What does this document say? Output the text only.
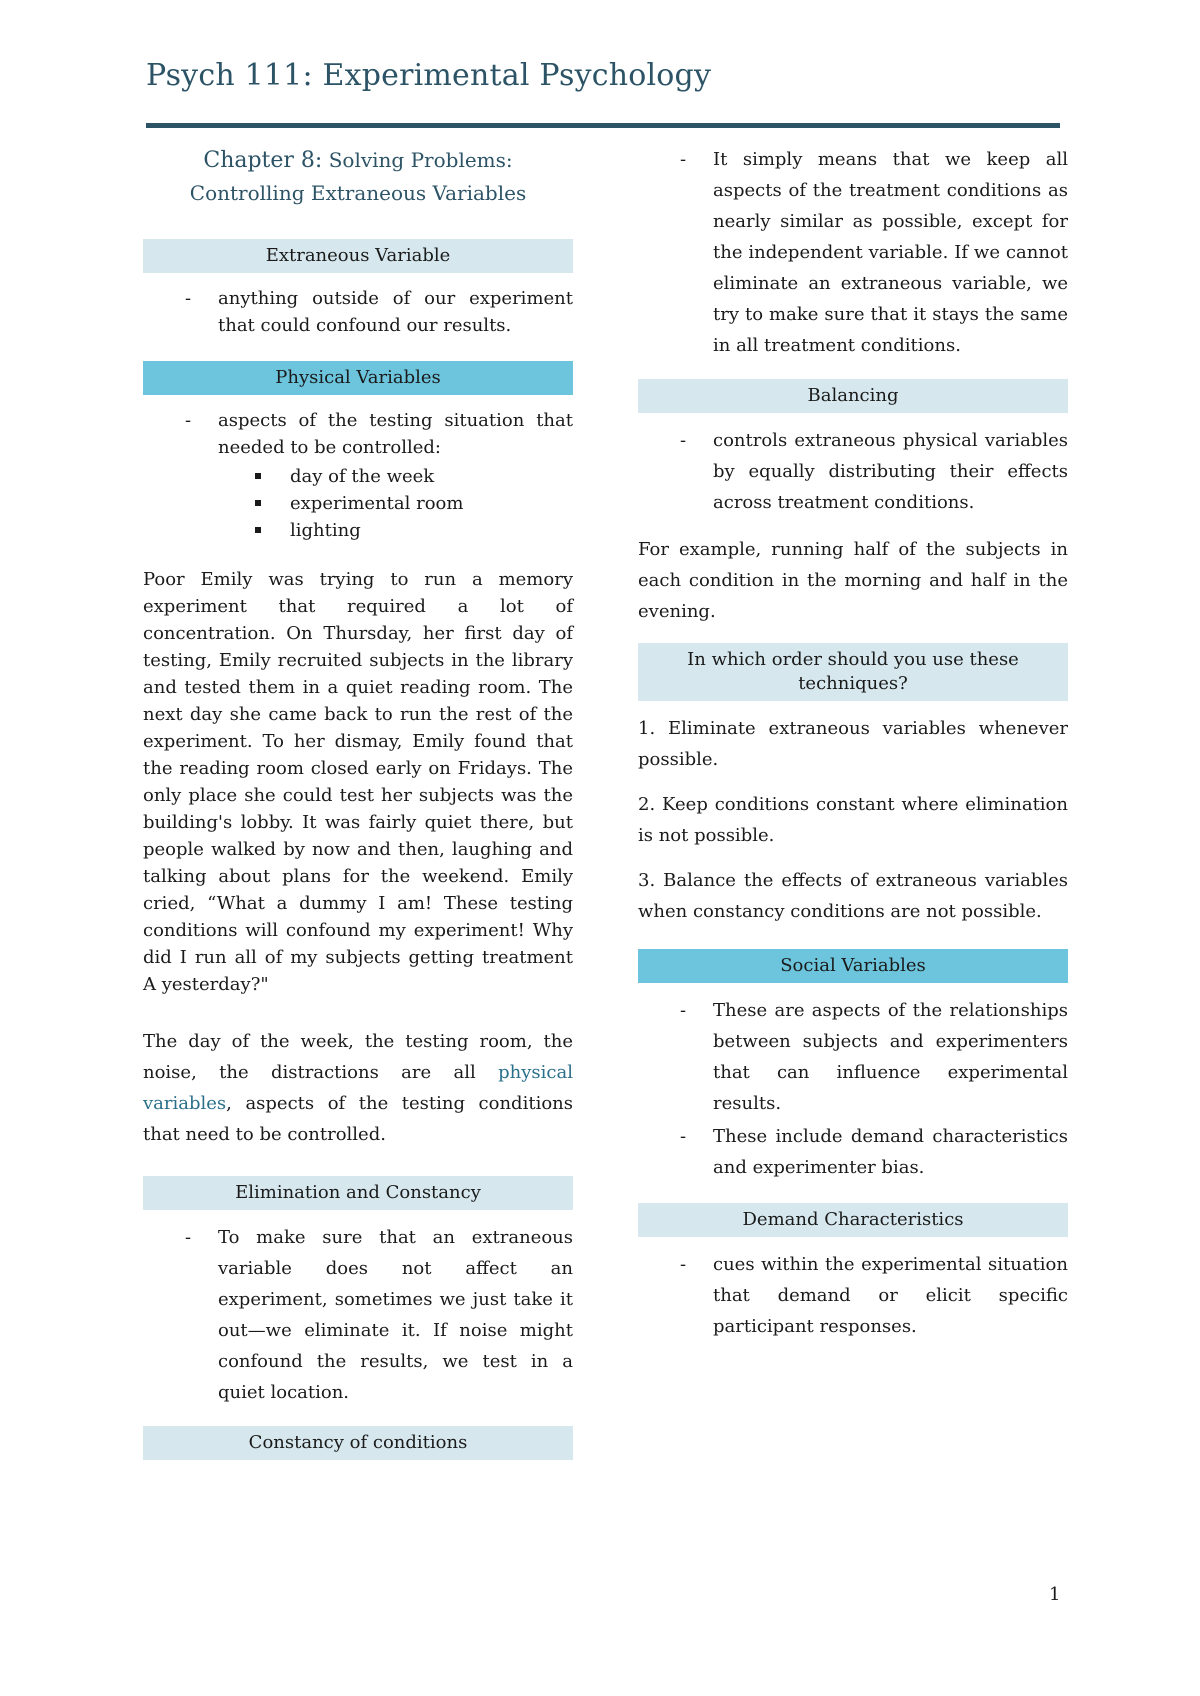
Psych 111: Experimental Psychology
Chapter 8: Solving Problems: Controlling Extraneous Variables
Extraneous Variable
- anything outside of our experiment that could confound our results.
Physical Variables
- aspects of the testing situation that needed to be controlled:
day of the week
experimental room
lighting

Poor Emily was trying to run a memory experiment that required a lot of concentration. On Thursday, her first day of testing, Emily recruited subjects in the library and tested them in a quiet reading room. The next day she came back to run the rest of the experiment. To her dismay, Emily found that the reading room closed early on Fridays. The only place she could test her subjects was the building's lobby. It was fairly quiet there, but people walked by now and then, laughing and talking about plans for the weekend. Emily cried, “What a dummy I am! These testing conditions will confound my experiment! Why did I run all of my subjects getting treatment A yesterday?"

The day of the week, the testing room, the noise, the distractions are all physical variables, aspects of the testing conditions that need to be controlled.

Elimination and Constancy
- To make sure that an extraneous variable does not affect an experiment, sometimes we just take it out—we eliminate it. If noise might confound the results, we test in a quiet location.
Constancy of conditions
- It simply means that we keep all aspects of the treatment conditions as nearly similar as possible, except for the independent variable. If we cannot eliminate an extraneous variable, we try to make sure that it stays the same in all treatment conditions.
Balancing
- controls extraneous physical variables by equally distributing their effects across treatment conditions.

For example, running half of the subjects in each condition in the morning and half in the evening.

In which order should you use these techniques?

1. Eliminate extraneous variables whenever possible.

2. Keep conditions constant where elimination is not possible.

3. Balance the effects of extraneous variables when constancy conditions are not possible.

Social Variables
- These are aspects of the relationships between subjects and experimenters that can influence experimental results.
- These include demand characteristics and experimenter bias.
Demand Characteristics
- cues within the experimental situation that demand or elicit specific participant responses.
1
